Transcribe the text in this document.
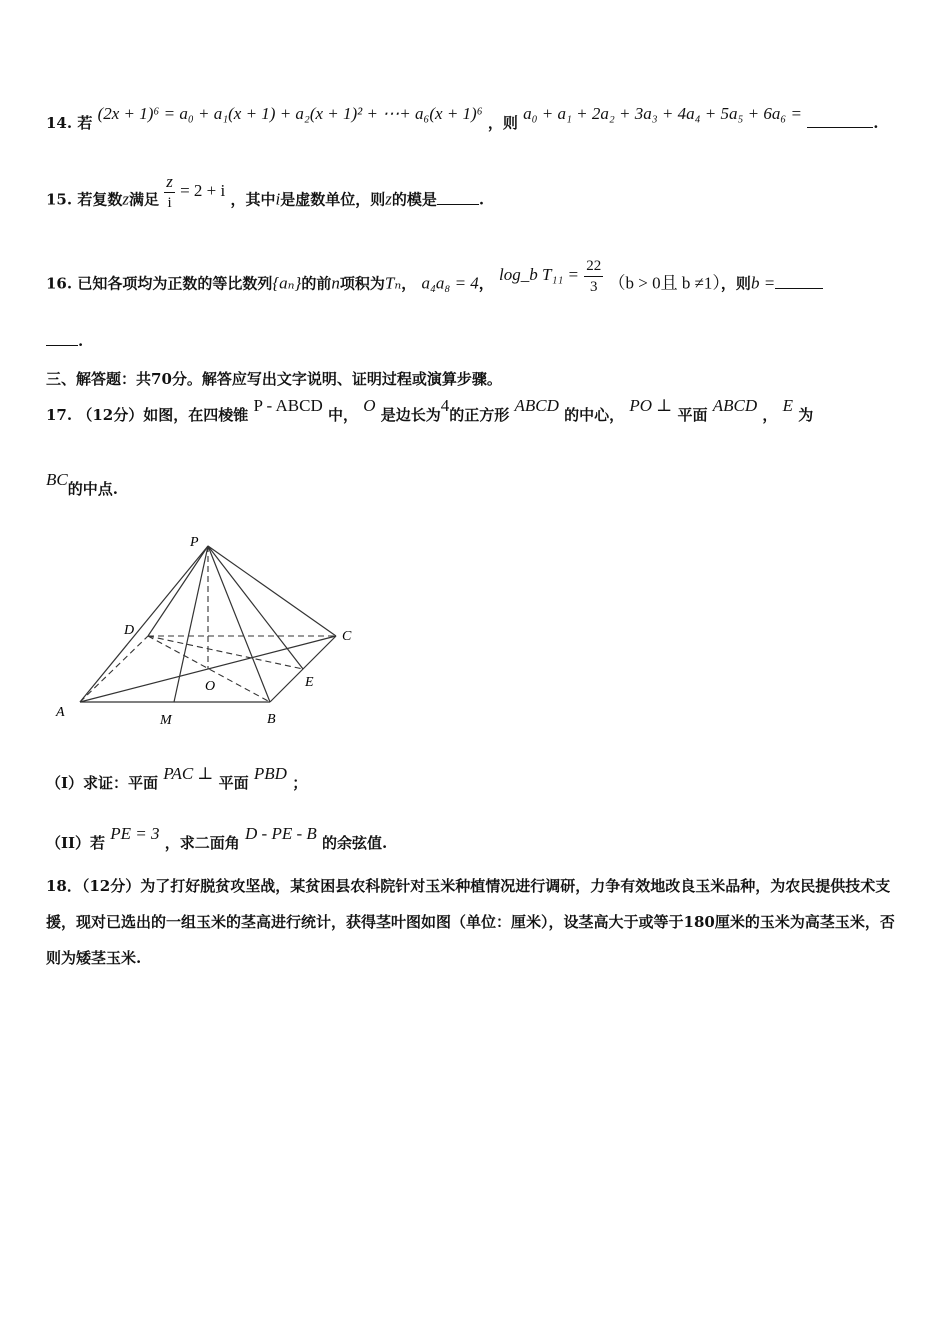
14. 若 (2x + 1)⁶ = a₀ + a₁(x + 1) + a₂(x + 1)² + ⋯+ a₆(x + 1)⁶ ，则 a₀ + a₁ + 2a₂ + 3a₃ + 4a₄ + 5a₅ + 6a₆ =	.
15. 若复数z满足 $\frac{z}{i} = 2 + i$ ，其中i是虚数单位，则z的模是	.
16. 已知各项均为正数的等比数列{aₙ}的前n项积为Tₙ， a₄a₈ = 4， log_b $T_{11} = \frac{22}{3} (b > 0$且 b ≠1），则b =
.
三、解答题：共70分。解答应写出文字说明、证明过程或演算步骤。
17. （12分）如图，在四棱锥 P - ABCD 中， O 是边长为4的正方形 ABCD 的中心， PO ⊥ 平面 ABCD ， E 为
BC的中点.
P
D	C
O	E
A
M	B
（I）求证：平面 PAC ⊥ 平面 PBD ；
（II）若 PE = 3 ，求二面角 D - PE - B 的余弦值.
18．（12分）为了打好脱贫攻坚战，某贫困县农科院针对玉米种植情况进行调研，力争有效地改良玉米品种，为农民提供技术支援，现对已选出的一组玉米的茎高进行统计，获得茎叶图如图（单位：厘米），设茎高大于或等于180厘米的玉米为高茎玉米，否则为矮茎玉米.
